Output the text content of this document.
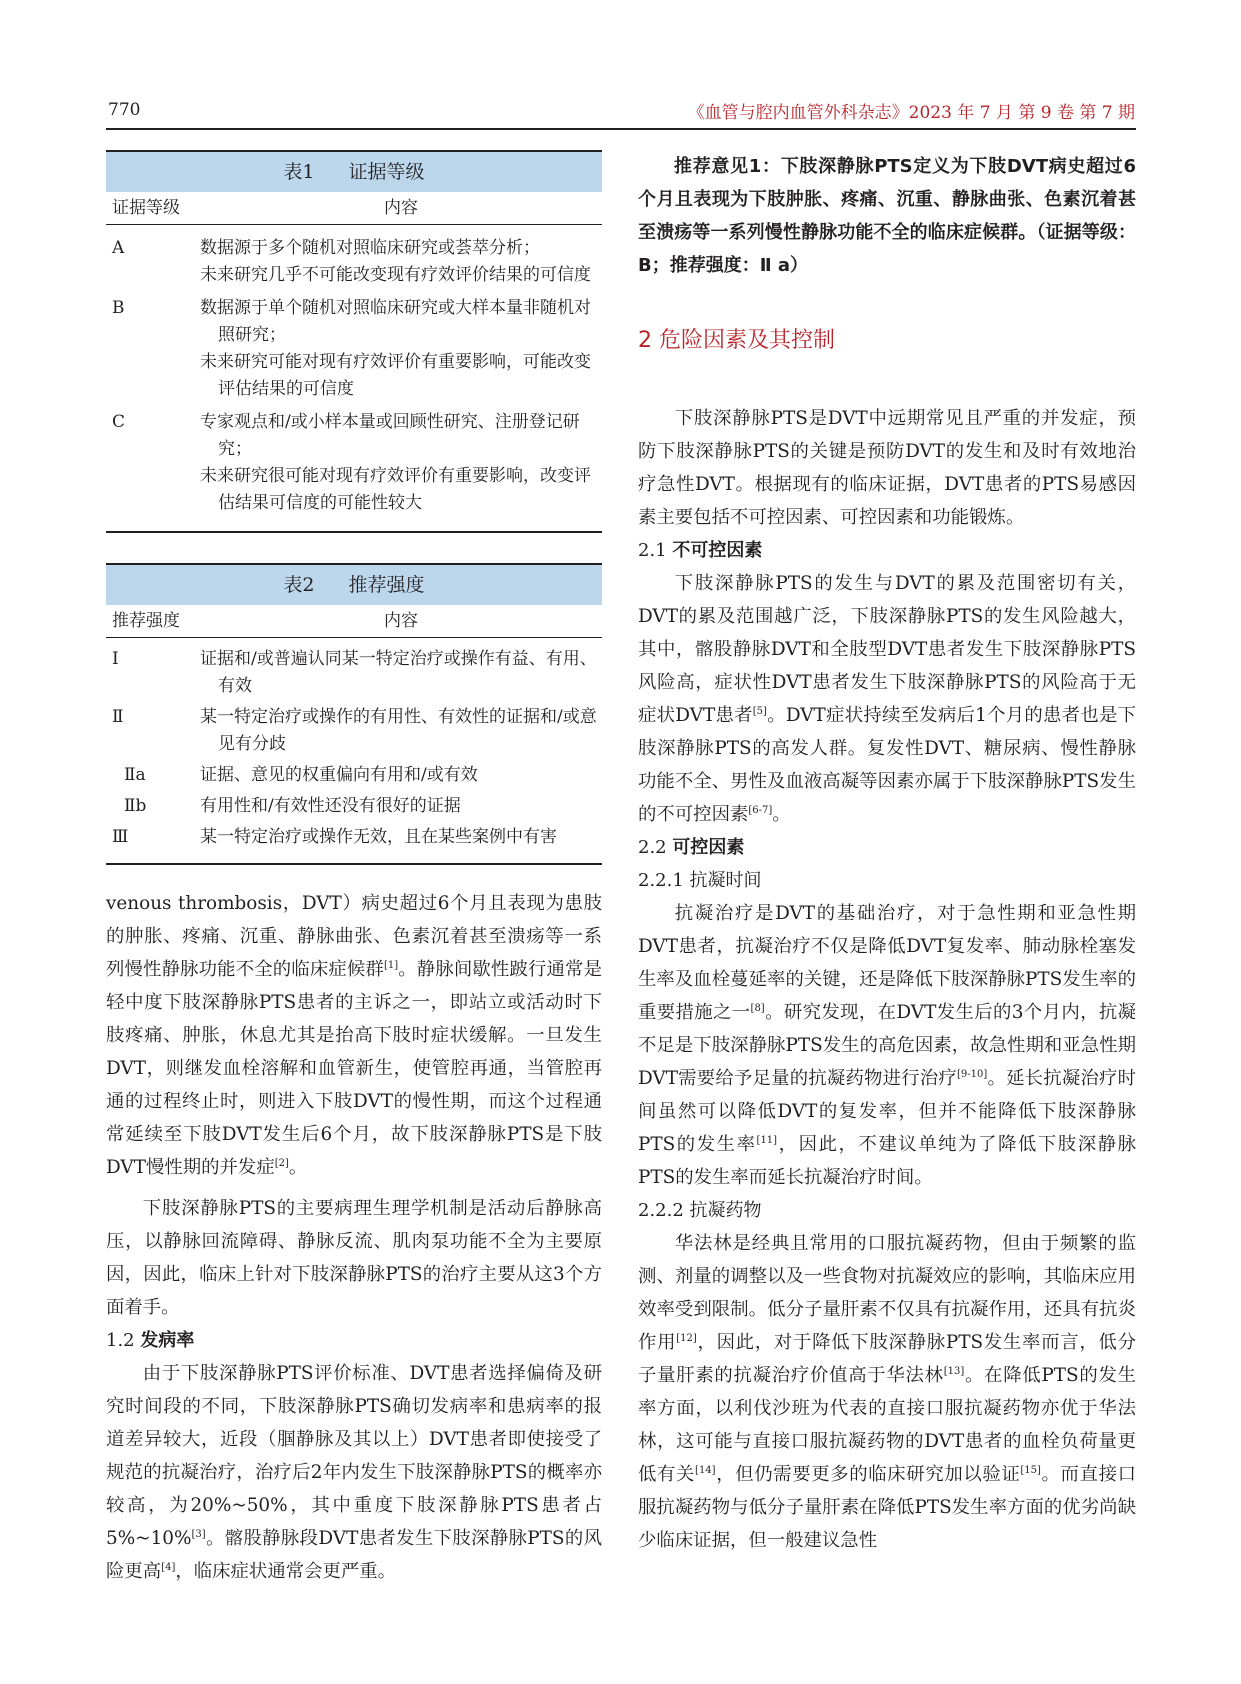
770	《血管与腔内血管外科杂志》2023 年 7 月 第 9 卷 第 7 期
表1 证据等级
证据等级	内容
A	数据源于多个随机对照临床研究或荟萃分析；
未来研究几乎不可能改变现有疗效评价结果的可信度
B	数据源于单个随机对照临床研究或大样本量非随机对照研究；
未来研究可能对现有疗效评价有重要影响，可能改变评估结果的可信度
C	专家观点和/或小样本量或回顾性研究、注册登记研究；
未来研究很可能对现有疗效评价有重要影响，改变评估结果可信度的可能性较大
表2 推荐强度
推荐强度	内容
Ⅰ	证据和/或普遍认同某一特定治疗或操作有益、有用、有效
Ⅱ	某一特定治疗或操作的有用性、有效性的证据和/或意见有分歧
Ⅱa	证据、意见的权重偏向有用和/或有效
Ⅱb	有用性和/有效性还没有很好的证据
Ⅲ	某一特定治疗或操作无效，且在某些案例中有害

venous thrombosis，DVT）病史超过6个月且表现为患肢的肿胀、疼痛、沉重、静脉曲张、色素沉着甚至溃疡等一系列慢性静脉功能不全的临床症候群[1]。静脉间歇性跛行通常是轻中度下肢深静脉PTS患者的主诉之一，即站立或活动时下肢疼痛、肿胀，休息尤其是抬高下肢时症状缓解。一旦发生DVT，则继发血栓溶解和血管新生，使管腔再通，当管腔再通的过程终止时，则进入下肢DVT的慢性期，而这个过程通常延续至下肢DVT发生后6个月，故下肢深静脉PTS是下肢DVT慢性期的并发症[2]。

下肢深静脉PTS的主要病理生理学机制是活动后静脉高压，以静脉回流障碍、静脉反流、肌肉泵功能不全为主要原因，因此，临床上针对下肢深静脉PTS的治疗主要从这3个方面着手。

1.2 发病率

由于下肢深静脉PTS评价标准、DVT患者选择偏倚及研究时间段的不同，下肢深静脉PTS确切发病率和患病率的报道差异较大，近段（腘静脉及其以上）DVT患者即使接受了规范的抗凝治疗，治疗后2年内发生下肢深静脉PTS的概率亦较高，为20%~50%，其中重度下肢深静脉PTS患者占5%~10%[3]。髂股静脉段DVT患者发生下肢深静脉PTS的风险更高[4]，临床症状通常会更严重。

推荐意见1：下肢深静脉PTS定义为下肢DVT病史超过6个月且表现为下肢肿胀、疼痛、沉重、静脉曲张、色素沉着甚至溃疡等一系列慢性静脉功能不全的临床症候群。（证据等级：B；推荐强度：Ⅱ a）

2 危险因素及其控制

下肢深静脉PTS是DVT中远期常见且严重的并发症，预防下肢深静脉PTS的关键是预防DVT的发生和及时有效地治疗急性DVT。根据现有的临床证据，DVT患者的PTS易感因素主要包括不可控因素、可控因素和功能锻炼。

2.1 不可控因素

下肢深静脉PTS的发生与DVT的累及范围密切有关，DVT的累及范围越广泛，下肢深静脉PTS的发生风险越大，其中，髂股静脉DVT和全肢型DVT患者发生下肢深静脉PTS风险高，症状性DVT患者发生下肢深静脉PTS的风险高于无症状DVT患者[5]。DVT症状持续至发病后1个月的患者也是下肢深静脉PTS的高发人群。复发性DVT、糖尿病、慢性静脉功能不全、男性及血液高凝等因素亦属于下肢深静脉PTS发生的不可控因素[6-7]。

2.2 可控因素
2.2.1 抗凝时间

抗凝治疗是DVT的基础治疗，对于急性期和亚急性期DVT患者，抗凝治疗不仅是降低DVT复发率、肺动脉栓塞发生率及血栓蔓延率的关键，还是降低下肢深静脉PTS发生率的重要措施之一[8]。研究发现，在DVT发生后的3个月内，抗凝不足是下肢深静脉PTS发生的高危因素，故急性期和亚急性期DVT需要给予足量的抗凝药物进行治疗[9-10]。延长抗凝治疗时间虽然可以降低DVT的复发率，但并不能降低下肢深静脉PTS的发生率[11]，因此，不建议单纯为了降低下肢深静脉PTS的发生率而延长抗凝治疗时间。

2.2.2 抗凝药物

华法林是经典且常用的口服抗凝药物，但由于频繁的监测、剂量的调整以及一些食物对抗凝效应的影响，其临床应用效率受到限制。低分子量肝素不仅具有抗凝作用，还具有抗炎作用[12]，因此，对于降低下肢深静脉PTS发生率而言，低分子量肝素的抗凝治疗价值高于华法林[13]。在降低PTS的发生率方面，以利伐沙班为代表的直接口服抗凝药物亦优于华法林，这可能与直接口服抗凝药物的DVT患者的血栓负荷量更低有关[14]，但仍需要更多的临床研究加以验证[15]。而直接口服抗凝药物与低分子量肝素在降低PTS发生率方面的优劣尚缺少临床证据，但一般建议急性
